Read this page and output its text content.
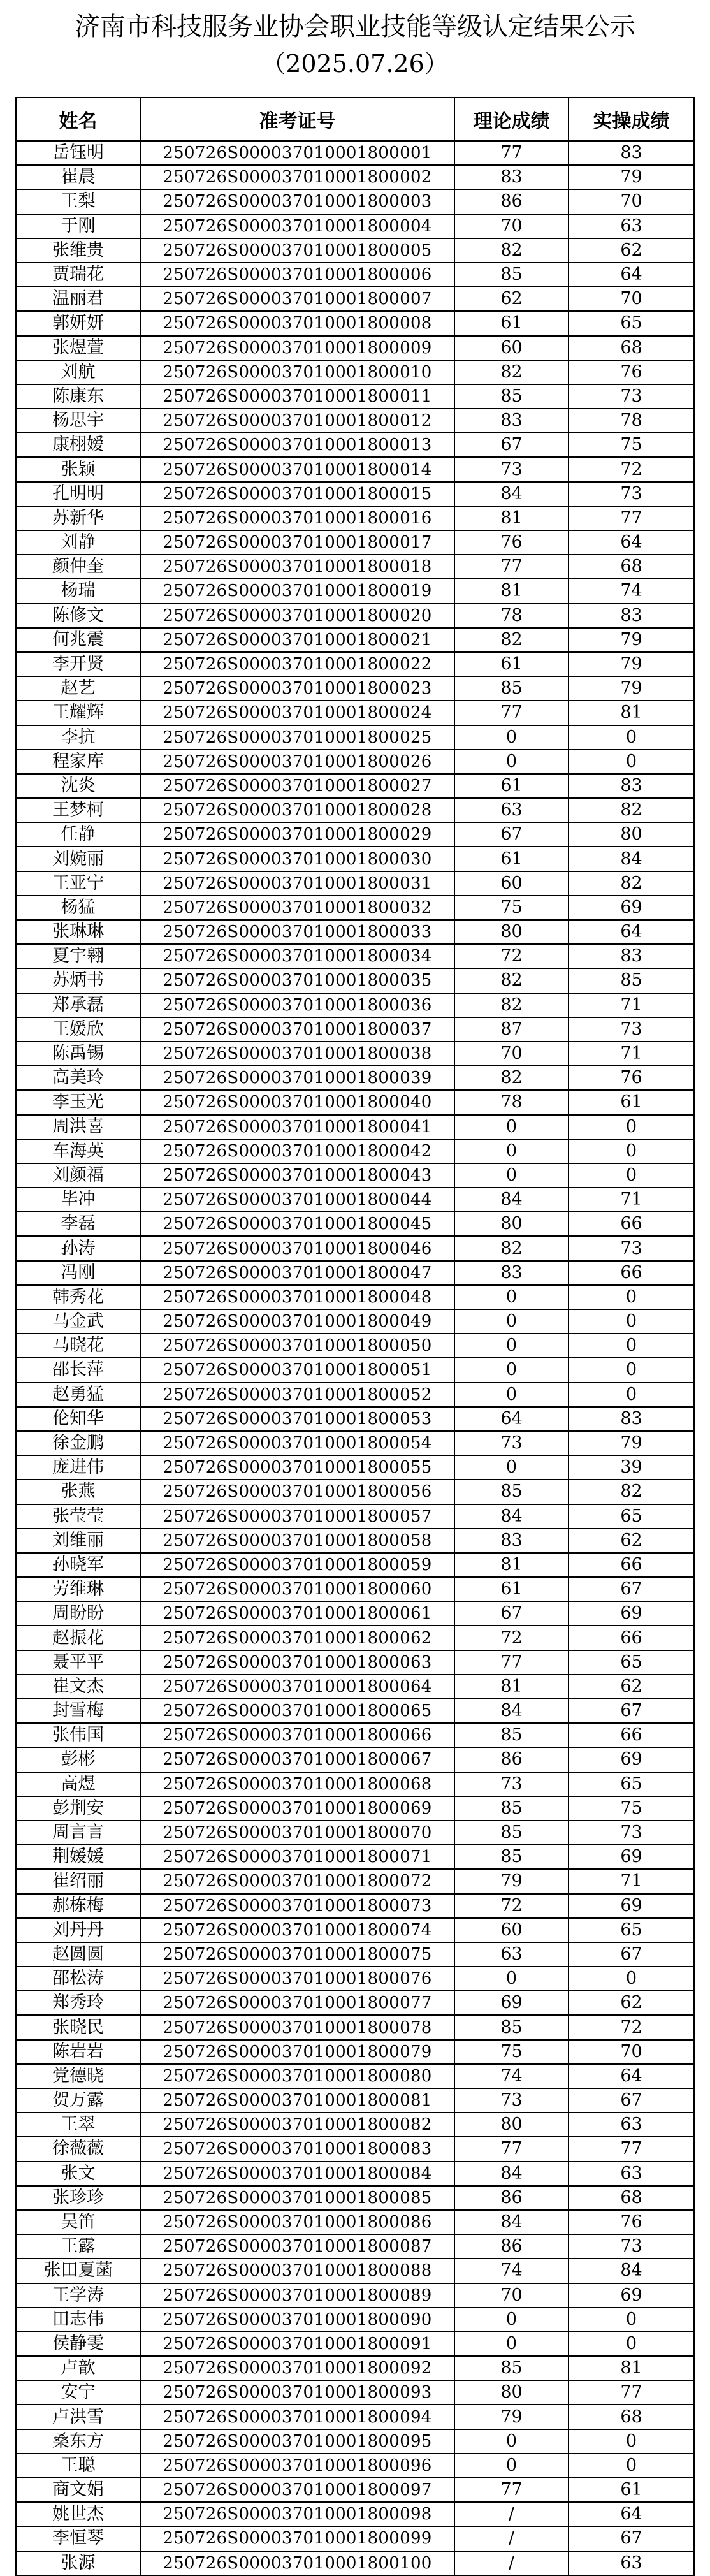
济南市科技服务业协会职业技能等级认定结果公示
（2025.07.26）
姓名	准考证号	理论成绩	实操成绩
岳钰明	250726S000037010001800001	77	83
崔晨	250726S000037010001800002	83	79
王梨	250726S000037010001800003	86	70
于刚	250726S000037010001800004	70	63
张维贵	250726S000037010001800005	82	62
贾瑞花	250726S000037010001800006	85	64
温丽君	250726S000037010001800007	62	70
郭妍妍	250726S000037010001800008	61	65
张煜萱	250726S000037010001800009	60	68
刘航	250726S000037010001800010	82	76
陈康东	250726S000037010001800011	85	73
杨思宇	250726S000037010001800012	83	78
康栩嫒	250726S000037010001800013	67	75
张颖	250726S000037010001800014	73	72
孔明明	250726S000037010001800015	84	73
苏新华	250726S000037010001800016	81	77
刘静	250726S000037010001800017	76	64
颜仲奎	250726S000037010001800018	77	68
杨瑞	250726S000037010001800019	81	74
陈修文	250726S000037010001800020	78	83
何兆震	250726S000037010001800021	82	79
李开贤	250726S000037010001800022	61	79
赵艺	250726S000037010001800023	85	79
王耀辉	250726S000037010001800024	77	81
李抗	250726S000037010001800025	0	0
程家库	250726S000037010001800026	0	0
沈炎	250726S000037010001800027	61	83
王梦柯	250726S000037010001800028	63	82
任静	250726S000037010001800029	67	80
刘婉丽	250726S000037010001800030	61	84
王亚宁	250726S000037010001800031	60	82
杨猛	250726S000037010001800032	75	69
张琳琳	250726S000037010001800033	80	64
夏宇翱	250726S000037010001800034	72	83
苏炳书	250726S000037010001800035	82	85
郑承磊	250726S000037010001800036	82	71
王媛欣	250726S000037010001800037	87	73
陈禹锡	250726S000037010001800038	70	71
高美玲	250726S000037010001800039	82	76
李玉光	250726S000037010001800040	78	61
周洪喜	250726S000037010001800041	0	0
车海英	250726S000037010001800042	0	0
刘颜福	250726S000037010001800043	0	0
毕冲	250726S000037010001800044	84	71
李磊	250726S000037010001800045	80	66
孙涛	250726S000037010001800046	82	73
冯刚	250726S000037010001800047	83	66
韩秀花	250726S000037010001800048	0	0
马金武	250726S000037010001800049	0	0
马晓花	250726S000037010001800050	0	0
邵长萍	250726S000037010001800051	0	0
赵勇猛	250726S000037010001800052	0	0
伦知华	250726S000037010001800053	64	83
徐金鹏	250726S000037010001800054	73	79
庞进伟	250726S000037010001800055	0	39
张燕	250726S000037010001800056	85	82
张莹莹	250726S000037010001800057	84	65
刘维丽	250726S000037010001800058	83	62
孙晓军	250726S000037010001800059	81	66
劳维琳	250726S000037010001800060	61	67
周盼盼	250726S000037010001800061	67	69
赵振花	250726S000037010001800062	72	66
聂平平	250726S000037010001800063	77	65
崔文杰	250726S000037010001800064	81	62
封雪梅	250726S000037010001800065	84	67
张伟国	250726S000037010001800066	85	66
彭彬	250726S000037010001800067	86	69
高煜	250726S000037010001800068	73	65
彭荆安	250726S000037010001800069	85	75
周言言	250726S000037010001800070	85	73
荆媛媛	250726S000037010001800071	85	69
崔绍丽	250726S000037010001800072	79	71
郝栋梅	250726S000037010001800073	72	69
刘丹丹	250726S000037010001800074	60	65
赵圆圆	250726S000037010001800075	63	67
邵松涛	250726S000037010001800076	0	0
郑秀玲	250726S000037010001800077	69	62
张晓民	250726S000037010001800078	85	72
陈岩岩	250726S000037010001800079	75	70
党德晓	250726S000037010001800080	74	64
贺万露	250726S000037010001800081	73	67
王翠	250726S000037010001800082	80	63
徐薇薇	250726S000037010001800083	77	77
张文	250726S000037010001800084	84	63
张珍珍	250726S000037010001800085	86	68
吴笛	250726S000037010001800086	84	76
王露	250726S000037010001800087	86	73
张田夏菡	250726S000037010001800088	74	84
王学涛	250726S000037010001800089	70	69
田志伟	250726S000037010001800090	0	0
侯静雯	250726S000037010001800091	0	0
卢歆	250726S000037010001800092	85	81
安宁	250726S000037010001800093	80	77
卢洪雪	250726S000037010001800094	79	68
桑东方	250726S000037010001800095	0	0
王聪	250726S000037010001800096	0	0
商文娟	250726S000037010001800097	77	61
姚世杰	250726S000037010001800098	/	64
李恒琴	250726S000037010001800099	/	67
张源	250726S000037010001800100	/	63
